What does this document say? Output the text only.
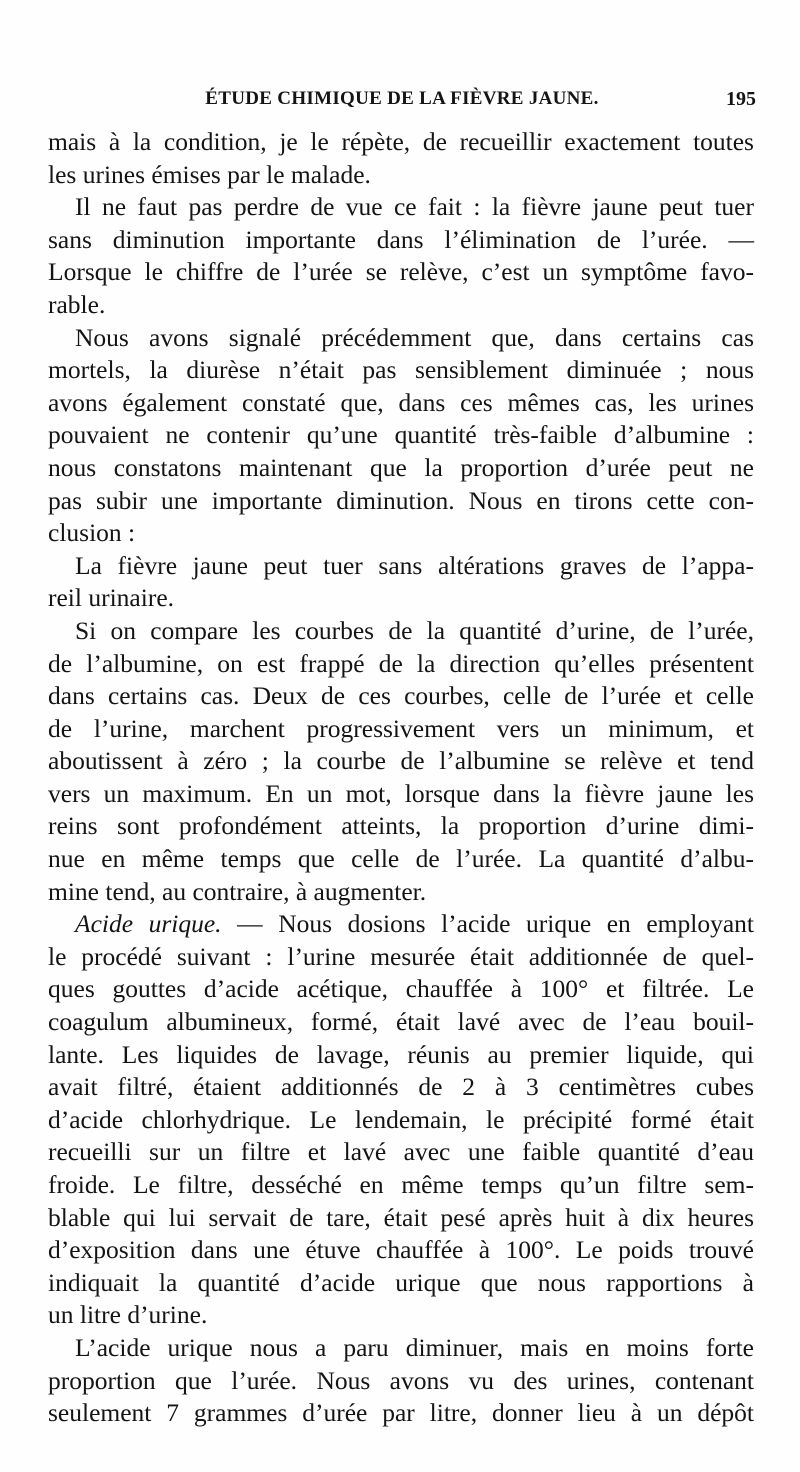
ÉTUDE CHIMIQUE DE LA FIÈVRE JAUNE.	195
mais à la condition, je le répète, de recueillir exactement toutes
les urines émises par le malade.
Il ne faut pas perdre de vue ce fait : la fièvre jaune peut tuer
sans diminution importante dans l’élimination de l’urée. —
Lorsque le chiffre de l’urée se relève, c’est un symptôme favo-
rable.
Nous avons signalé précédemment que, dans certains cas
mortels, la diurèse n’était pas sensiblement diminuée ; nous
avons également constaté que, dans ces mêmes cas, les urines
pouvaient ne contenir qu’une quantité très-faible d’albumine :
nous constatons maintenant que la proportion d’urée peut ne
pas subir une importante diminution. Nous en tirons cette con-
clusion :
La fièvre jaune peut tuer sans altérations graves de l’appa-
reil urinaire.
Si on compare les courbes de la quantité d’urine, de l’urée,
de l’albumine, on est frappé de la direction qu’elles présentent
dans certains cas. Deux de ces courbes, celle de l’urée et celle
de l’urine, marchent progressivement vers un minimum, et
aboutissent à zéro ; la courbe de l’albumine se relève et tend
vers un maximum. En un mot, lorsque dans la fièvre jaune les
reins sont profondément atteints, la proportion d’urine dimi-
nue en même temps que celle de l’urée. La quantité d’albu-
mine tend, au contraire, à augmenter.
Acide urique. — Nous dosions l’acide urique en employant
le procédé suivant : l’urine mesurée était additionnée de quel-
ques gouttes d’acide acétique, chauffée à 100° et filtrée. Le
coagulum albumineux, formé, était lavé avec de l’eau bouil-
lante. Les liquides de lavage, réunis au premier liquide, qui
avait filtré, étaient additionnés de 2 à 3 centimètres cubes
d’acide chlorhydrique. Le lendemain, le précipité formé était
recueilli sur un filtre et lavé avec une faible quantité d’eau
froide. Le filtre, desséché en même temps qu’un filtre sem-
blable qui lui servait de tare, était pesé après huit à dix heures
d’exposition dans une étuve chauffée à 100°. Le poids trouvé
indiquait la quantité d’acide urique que nous rapportions à
un litre d’urine.
L’acide urique nous a paru diminuer, mais en moins forte
proportion que l’urée. Nous avons vu des urines, contenant
seulement 7 grammes d’urée par litre, donner lieu à un dépôt
